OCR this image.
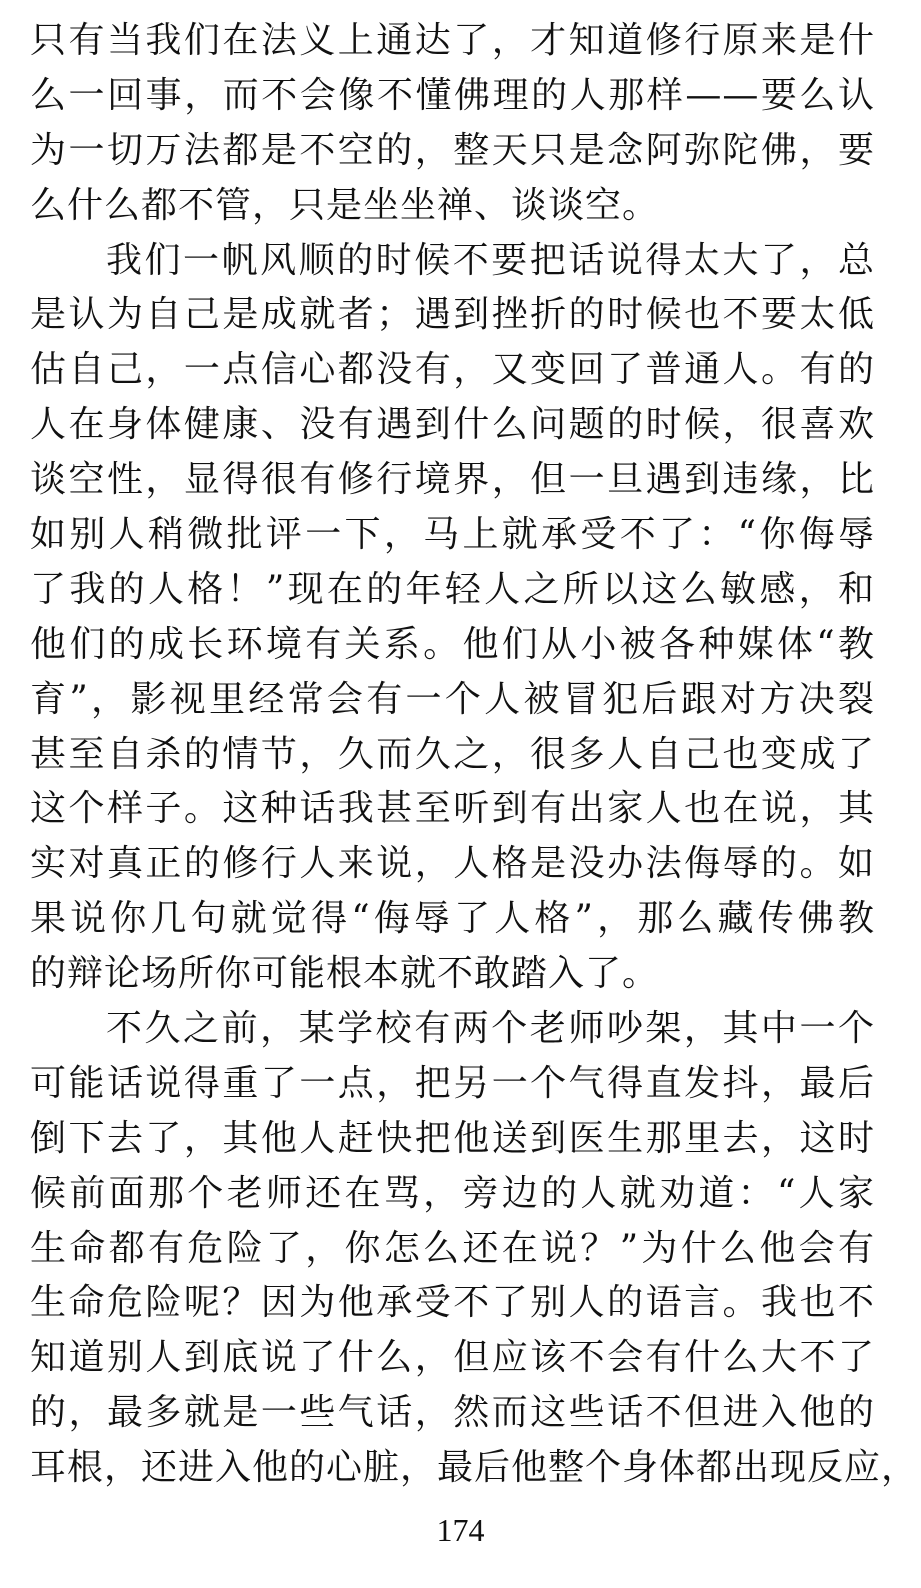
只有当我们在法义上通达了，才知道修行原来是什
么一回事，而不会像不懂佛理的人那样——要么认
为一切万法都是不空的，整天只是念阿弥陀佛，要
么什么都不管，只是坐坐禅、谈谈空。
我们一帆风顺的时候不要把话说得太大了，总
是认为自己是成就者；遇到挫折的时候也不要太低
估自己，一点信心都没有，又变回了普通人。有的
人在身体健康、没有遇到什么问题的时候，很喜欢
谈空性，显得很有修行境界，但一旦遇到违缘，比
如别人稍微批评一下，马上就承受不了：“你侮辱
了我的人格！”现在的年轻人之所以这么敏感，和
他们的成长环境有关系。他们从小被各种媒体“教
育”，影视里经常会有一个人被冒犯后跟对方决裂
甚至自杀的情节，久而久之，很多人自己也变成了
这个样子。这种话我甚至听到有出家人也在说，其
实对真正的修行人来说，人格是没办法侮辱的。如
果说你几句就觉得“侮辱了人格”，那么藏传佛教
的辩论场所你可能根本就不敢踏入了。
不久之前，某学校有两个老师吵架，其中一个
可能话说得重了一点，把另一个气得直发抖，最后
倒下去了，其他人赶快把他送到医生那里去，这时
候前面那个老师还在骂，旁边的人就劝道：“人家
生命都有危险了，你怎么还在说？”为什么他会有
生命危险呢？因为他承受不了别人的语言。我也不
知道别人到底说了什么，但应该不会有什么大不了
的，最多就是一些气话，然而这些话不但进入他的
耳根，还进入他的心脏，最后他整个身体都出现反应，
174
